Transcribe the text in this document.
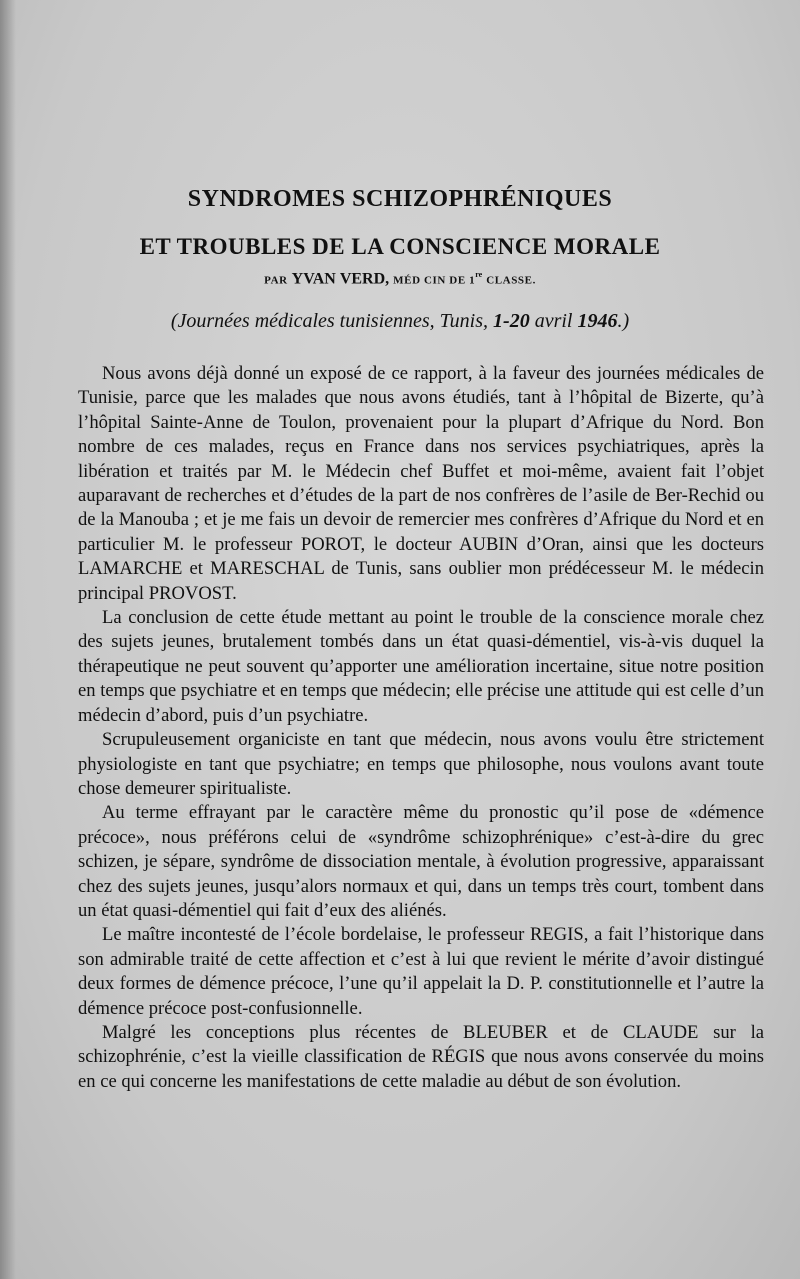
SYNDROMES SCHIZOPHRÉNIQUES
ET TROUBLES DE LA CONSCIENCE MORALE
PAR YVAN VERD, MÉD CIN DE 1re CLASSE.
(Journées médicales tunisiennes, Tunis, 1-20 avril 1946.)

Nous avons déjà donné un exposé de ce rapport, à la faveur des journées médicales de Tunisie, parce que les malades que nous avons étudiés, tant à l’hôpital de Bizerte, qu’à l’hôpital Sainte-Anne de Toulon, provenaient pour la plupart d’Afrique du Nord. Bon nombre de ces malades, reçus en France dans nos services psychiatriques, après la libération et traités par M. le Médecin chef Buffet et moi-même, avaient fait l’objet auparavant de recherches et d’études de la part de nos confrères de l’asile de Ber-Rechid ou de la Manouba ; et je me fais un devoir de remercier mes confrères d’Afrique du Nord et en particulier M. le professeur POROT, le docteur AUBIN d’Oran, ainsi que les docteurs LAMARCHE et MARESCHAL de Tunis, sans oublier mon prédécesseur M. le médecin principal PROVOST.

La conclusion de cette étude mettant au point le trouble de la conscience morale chez des sujets jeunes, brutalement tombés dans un état quasi-démentiel, vis-à-vis duquel la thérapeutique ne peut souvent qu’apporter une amélioration incertaine, situe notre position en temps que psychiatre et en temps que médecin; elle précise une attitude qui est celle d’un médecin d’abord, puis d’un psychiatre.

Scrupuleusement organiciste en tant que médecin, nous avons voulu être strictement physiologiste en tant que psychiatre; en temps que philosophe, nous voulons avant toute chose demeurer spiritualiste.

Au terme effrayant par le caractère même du pronostic qu’il pose de «démence précoce», nous préférons celui de «syndrôme schizophrénique» c’est-à-dire du grec schizen, je sépare, syndrôme de dissociation mentale, à évolution progressive, apparaissant chez des sujets jeunes, jusqu’alors normaux et qui, dans un temps très court, tombent dans un état quasi-démentiel qui fait d’eux des aliénés.

Le maître incontesté de l’école bordelaise, le professeur REGIS, a fait l’historique dans son admirable traité de cette affection et c’est à lui que revient le mérite d’avoir distingué deux formes de démence précoce, l’une qu’il appelait la D. P. constitutionnelle et l’autre la démence précoce post-confusionnelle.

Malgré les conceptions plus récentes de BLEUBER et de CLAUDE sur la schizophrénie, c’est la vieille classification de RÉGIS que nous avons conservée du moins en ce qui concerne les manifestations de cette maladie au début de son évolution.
